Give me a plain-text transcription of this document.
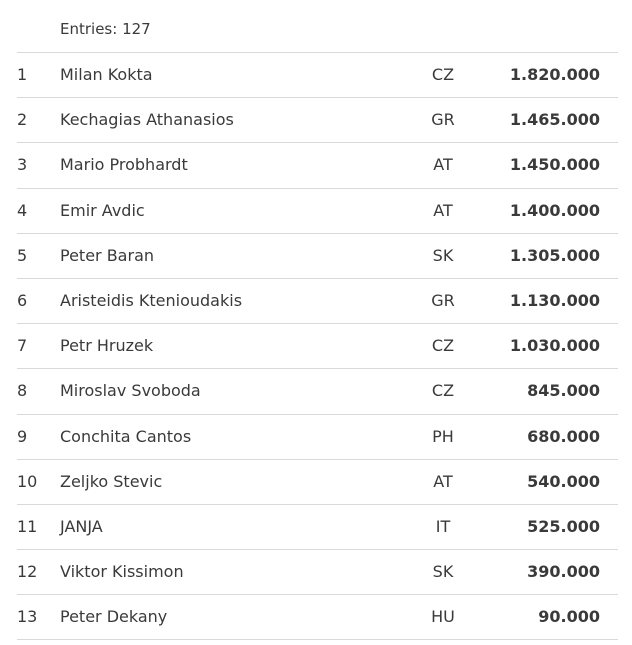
Entries: 127
1 Milan Kokta	CZ	1.820.000
2 Kechagias Athanasios	GR	1.465.000
3 Mario Probhardt	AT	1.450.000
4 Emir Avdic	AT	1.400.000
5 Peter Baran	SK	1.305.000
6 Aristeidis Ktenioudakis	GR	1.130.000
7 Petr Hruzek	CZ	1.030.000
8 Miroslav Svoboda	CZ	845.000
9 Conchita Cantos	PH	680.000
10 Zeljko Stevic	AT	540.000
11 JANJA	IT	525.000
12 Viktor Kissimon	SK	390.000
13 Peter Dekany	HU	90.000
